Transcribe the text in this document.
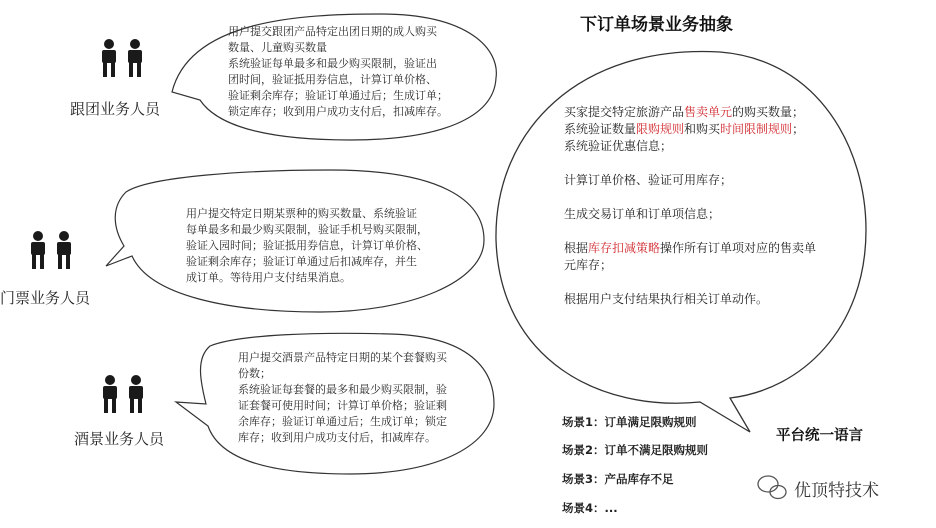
跟团业务人员
门票业务人员
酒景业务人员

用户提交跟团产品特定出团日期的成人购买

数量、儿童购买数量

系统验证每单最多和最少购买限制，验证出

团时间，验证抵用券信息，计算订单价格、

验证剩余库存；验证订单通过后；生成订单；

锁定库存；收到用户成功支付后，扣减库存。

用户提交特定日期某票种的购买数量、系统验证

每单最多和最少购买限制，验证手机号购买限制，

验证入园时间；验证抵用券信息，计算订单价格、

验证剩余库存；验证订单通过后扣减库存，并生

成订单。等待用户支付结果消息。

用户提交酒景产品特定日期的某个套餐购买

份数；

系统验证每套餐的最多和最少购买限制，验

证套餐可使用时间；计算订单价格；验证剩

余库存；验证订单通过后；生成订单；锁定

库存；收到用户成功支付后，扣减库存。

下订单场景业务抽象

买家提交特定旅游产品售卖单元的购买数量；

系统验证数量限购规则和购买时间限制规则；

系统验证优惠信息；

计算订单价格、验证可用库存；

生成交易订单和订单项信息；

根据库存扣减策略操作所有订单项对应的售卖单

元库存；

根据用户支付结果执行相关订单动作。

场景1：订单满足限购规则
场景2：订单不满足限购规则
场景3：产品库存不足
场景4：...
平台统一语言
优顶特技术
